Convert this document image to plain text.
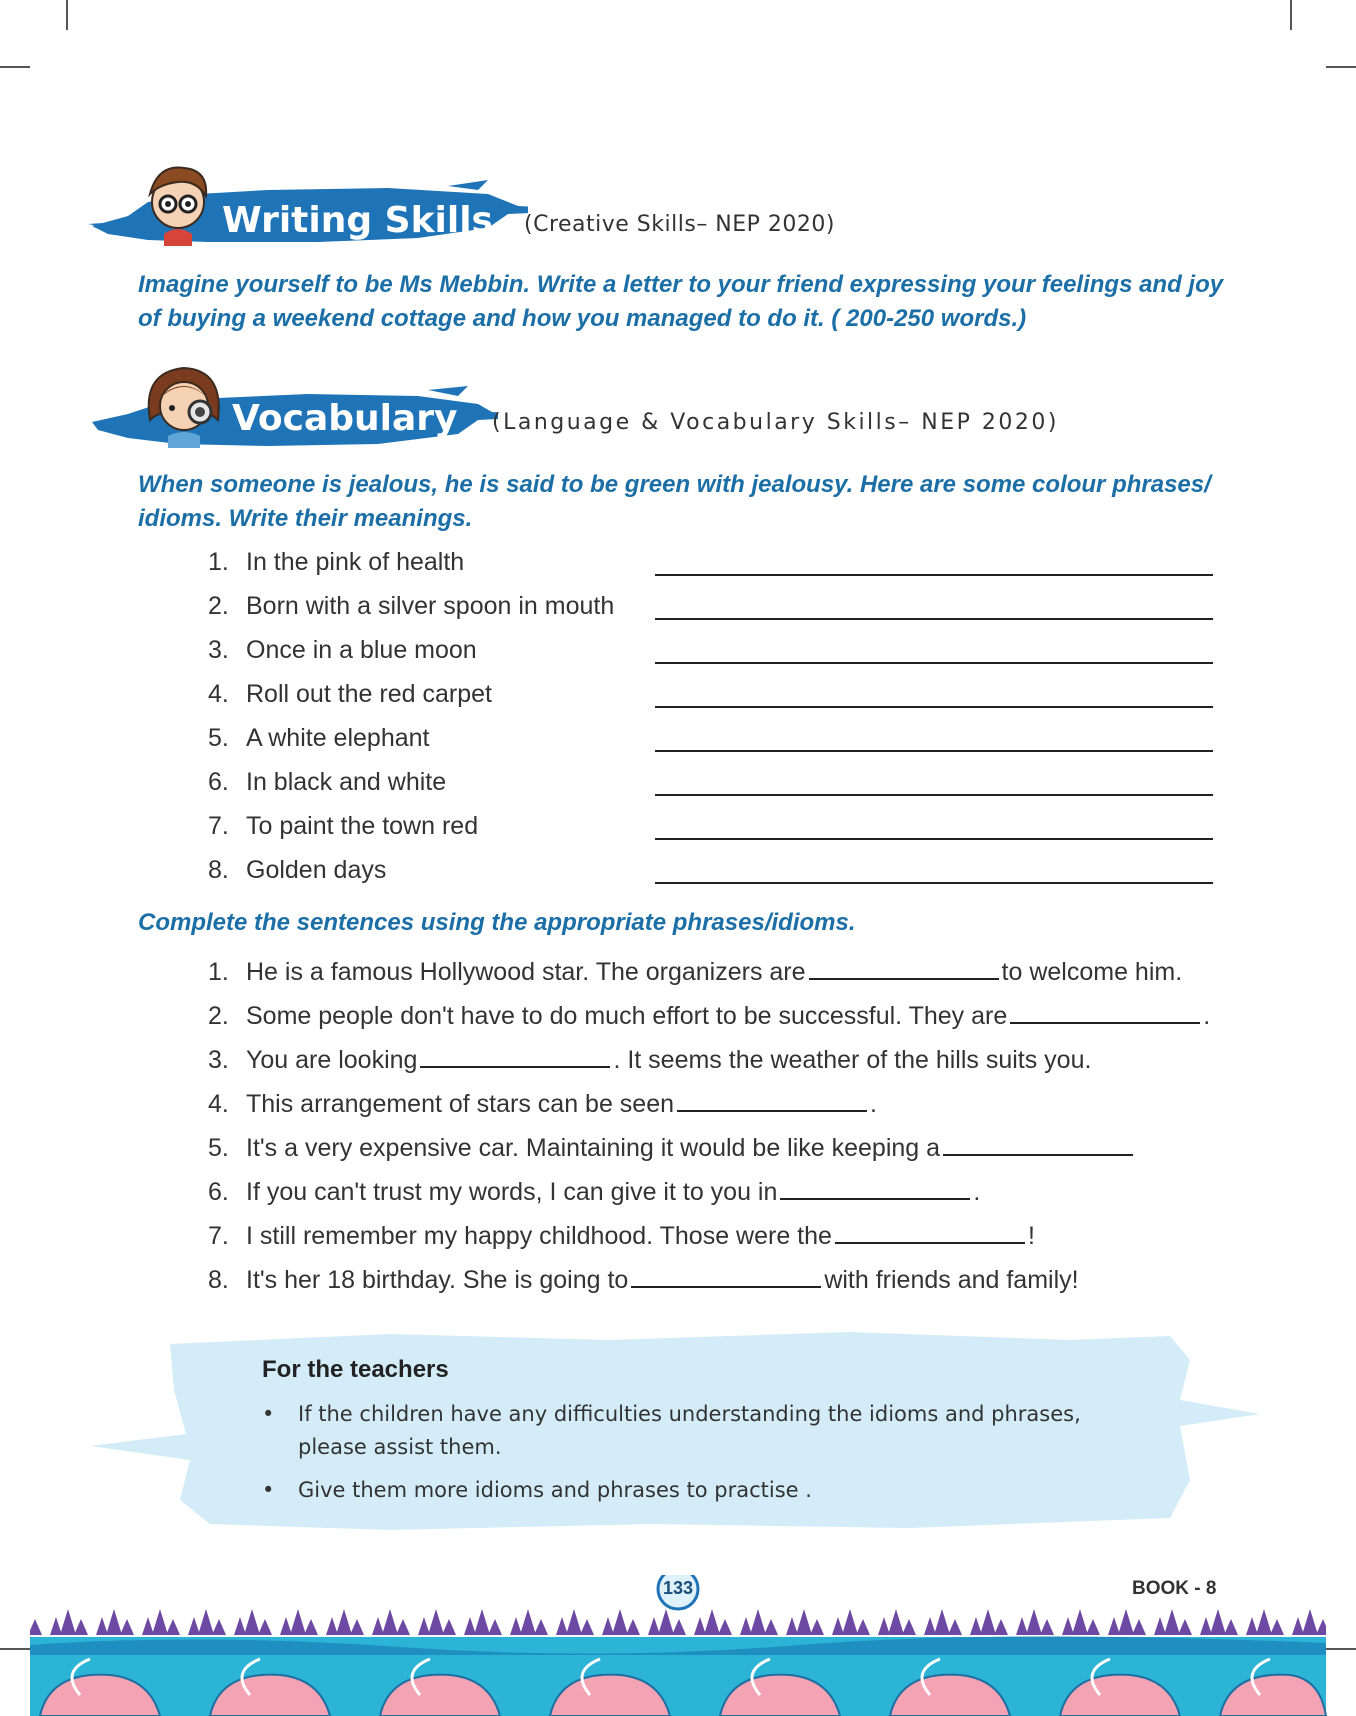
Writing Skills (Creative Skills– NEP 2020)
Imagine yourself to be Ms Mebbin. Write a letter to your friend expressing your feelings and joy of buying a weekend cottage and how you managed to do it. ( 200-250 words.)
Vocabulary (Language & Vocabulary Skills– NEP 2020)
When someone is jealous, he is said to be green with jealousy. Here are some colour phrases/ idioms. Write their meanings.
1. In the pink of health
2. Born with a silver spoon in mouth
3. Once in a blue moon
4. Roll out the red carpet
5. A white elephant
6. In black and white
7. To paint the town red
8. Golden days
Complete the sentences using the appropriate phrases/idioms.
1. He is a famous Hollywood star. The organizers are	to welcome him.
2. Some people don't have to do much effort to be successful. They are	.
3. You are looking	. It seems the weather of the hills suits you.
4. This arrangement of stars can be seen	.
5. It's a very expensive car. Maintaining it would be like keeping a
6. If you can't trust my words, I can give it to you in	.
7. I still remember my happy childhood. Those were the	!
8. It's her 18 birthday. She is going to	with friends and family!
For the teachers
•	If the children have any difficulties understanding the idioms and phrases, please assist them.
•	Give them more idioms and phrases to practise .
133	BOOK - 8
